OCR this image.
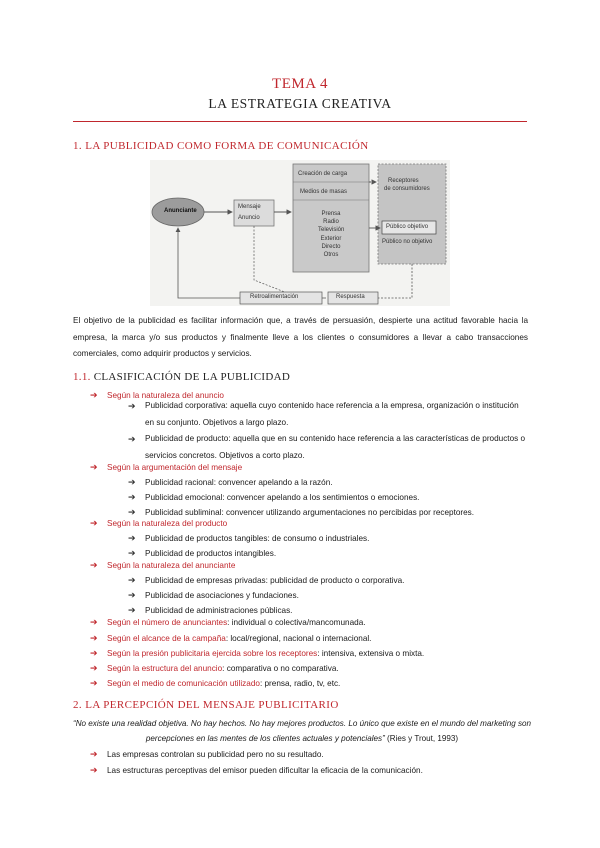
TEMA 4
LA ESTRATEGIA CREATIVA
1. LA PUBLICIDAD COMO FORMA DE COMUNICACIÓN
Anunciante
Mensaje
Anuncio
Creación de carga
Medios de masas
Prensa
Radio
Televisión
Exterior
Directo
Otros
Receptores
de consumidores
Público objetivo
Público no objetivo
Retroalimentación	Respuesta
El objetivo de la publicidad es facilitar información que, a través de persuasión, despierte una actitud favorable hacia la empresa, la marca y/o sus productos y finalmente lleve a los clientes o consumidores a llevar a cabo transacciones comerciales, como adquirir productos y servicios.
1.1. CLASIFICACIÓN DE LA PUBLICIDAD
➔ Según la naturaleza del anuncio
➔ Publicidad corporativa: aquella cuyo contenido hace referencia a la empresa, organización o institución en su conjunto. Objetivos a largo plazo.
➔ Publicidad de producto: aquella que en su contenido hace referencia a las características de productos o servicios concretos. Objetivos a corto plazo.
➔ Según la argumentación del mensaje
➔ Publicidad racional: convencer apelando a la razón.
➔ Publicidad emocional: convencer apelando a los sentimientos o emociones.
➔ Publicidad subliminal: convencer utilizando argumentaciones no percibidas por receptores.
➔ Según la naturaleza del producto
➔ Publicidad de productos tangibles: de consumo o industriales.
➔ Publicidad de productos intangibles.
➔ Según la naturaleza del anunciante
➔ Publicidad de empresas privadas: publicidad de producto o corporativa.
➔ Publicidad de asociaciones y fundaciones.
➔ Publicidad de administraciones públicas.
➔ Según el número de anunciantes: individual o colectiva/mancomunada.
➔ Según el alcance de la campaña: local/regional, nacional o internacional.
➔ Según la presión publicitaria ejercida sobre los receptores: intensiva, extensiva o mixta.
➔ Según la estructura del anuncio: comparativa o no comparativa.
➔ Según el medio de comunicación utilizado: prensa, radio, tv, etc.
2. LA PERCEPCIÓN DEL MENSAJE PUBLICITARIO
“No existe una realidad objetiva. No hay hechos. No hay mejores productos. Lo único que existe en el mundo del marketing son percepciones en las mentes de los clientes actuales y potenciales” (Ries y Trout, 1993)
➔ Las empresas controlan su publicidad pero no su resultado.
➔ Las estructuras perceptivas del emisor pueden dificultar la eficacia de la comunicación.
